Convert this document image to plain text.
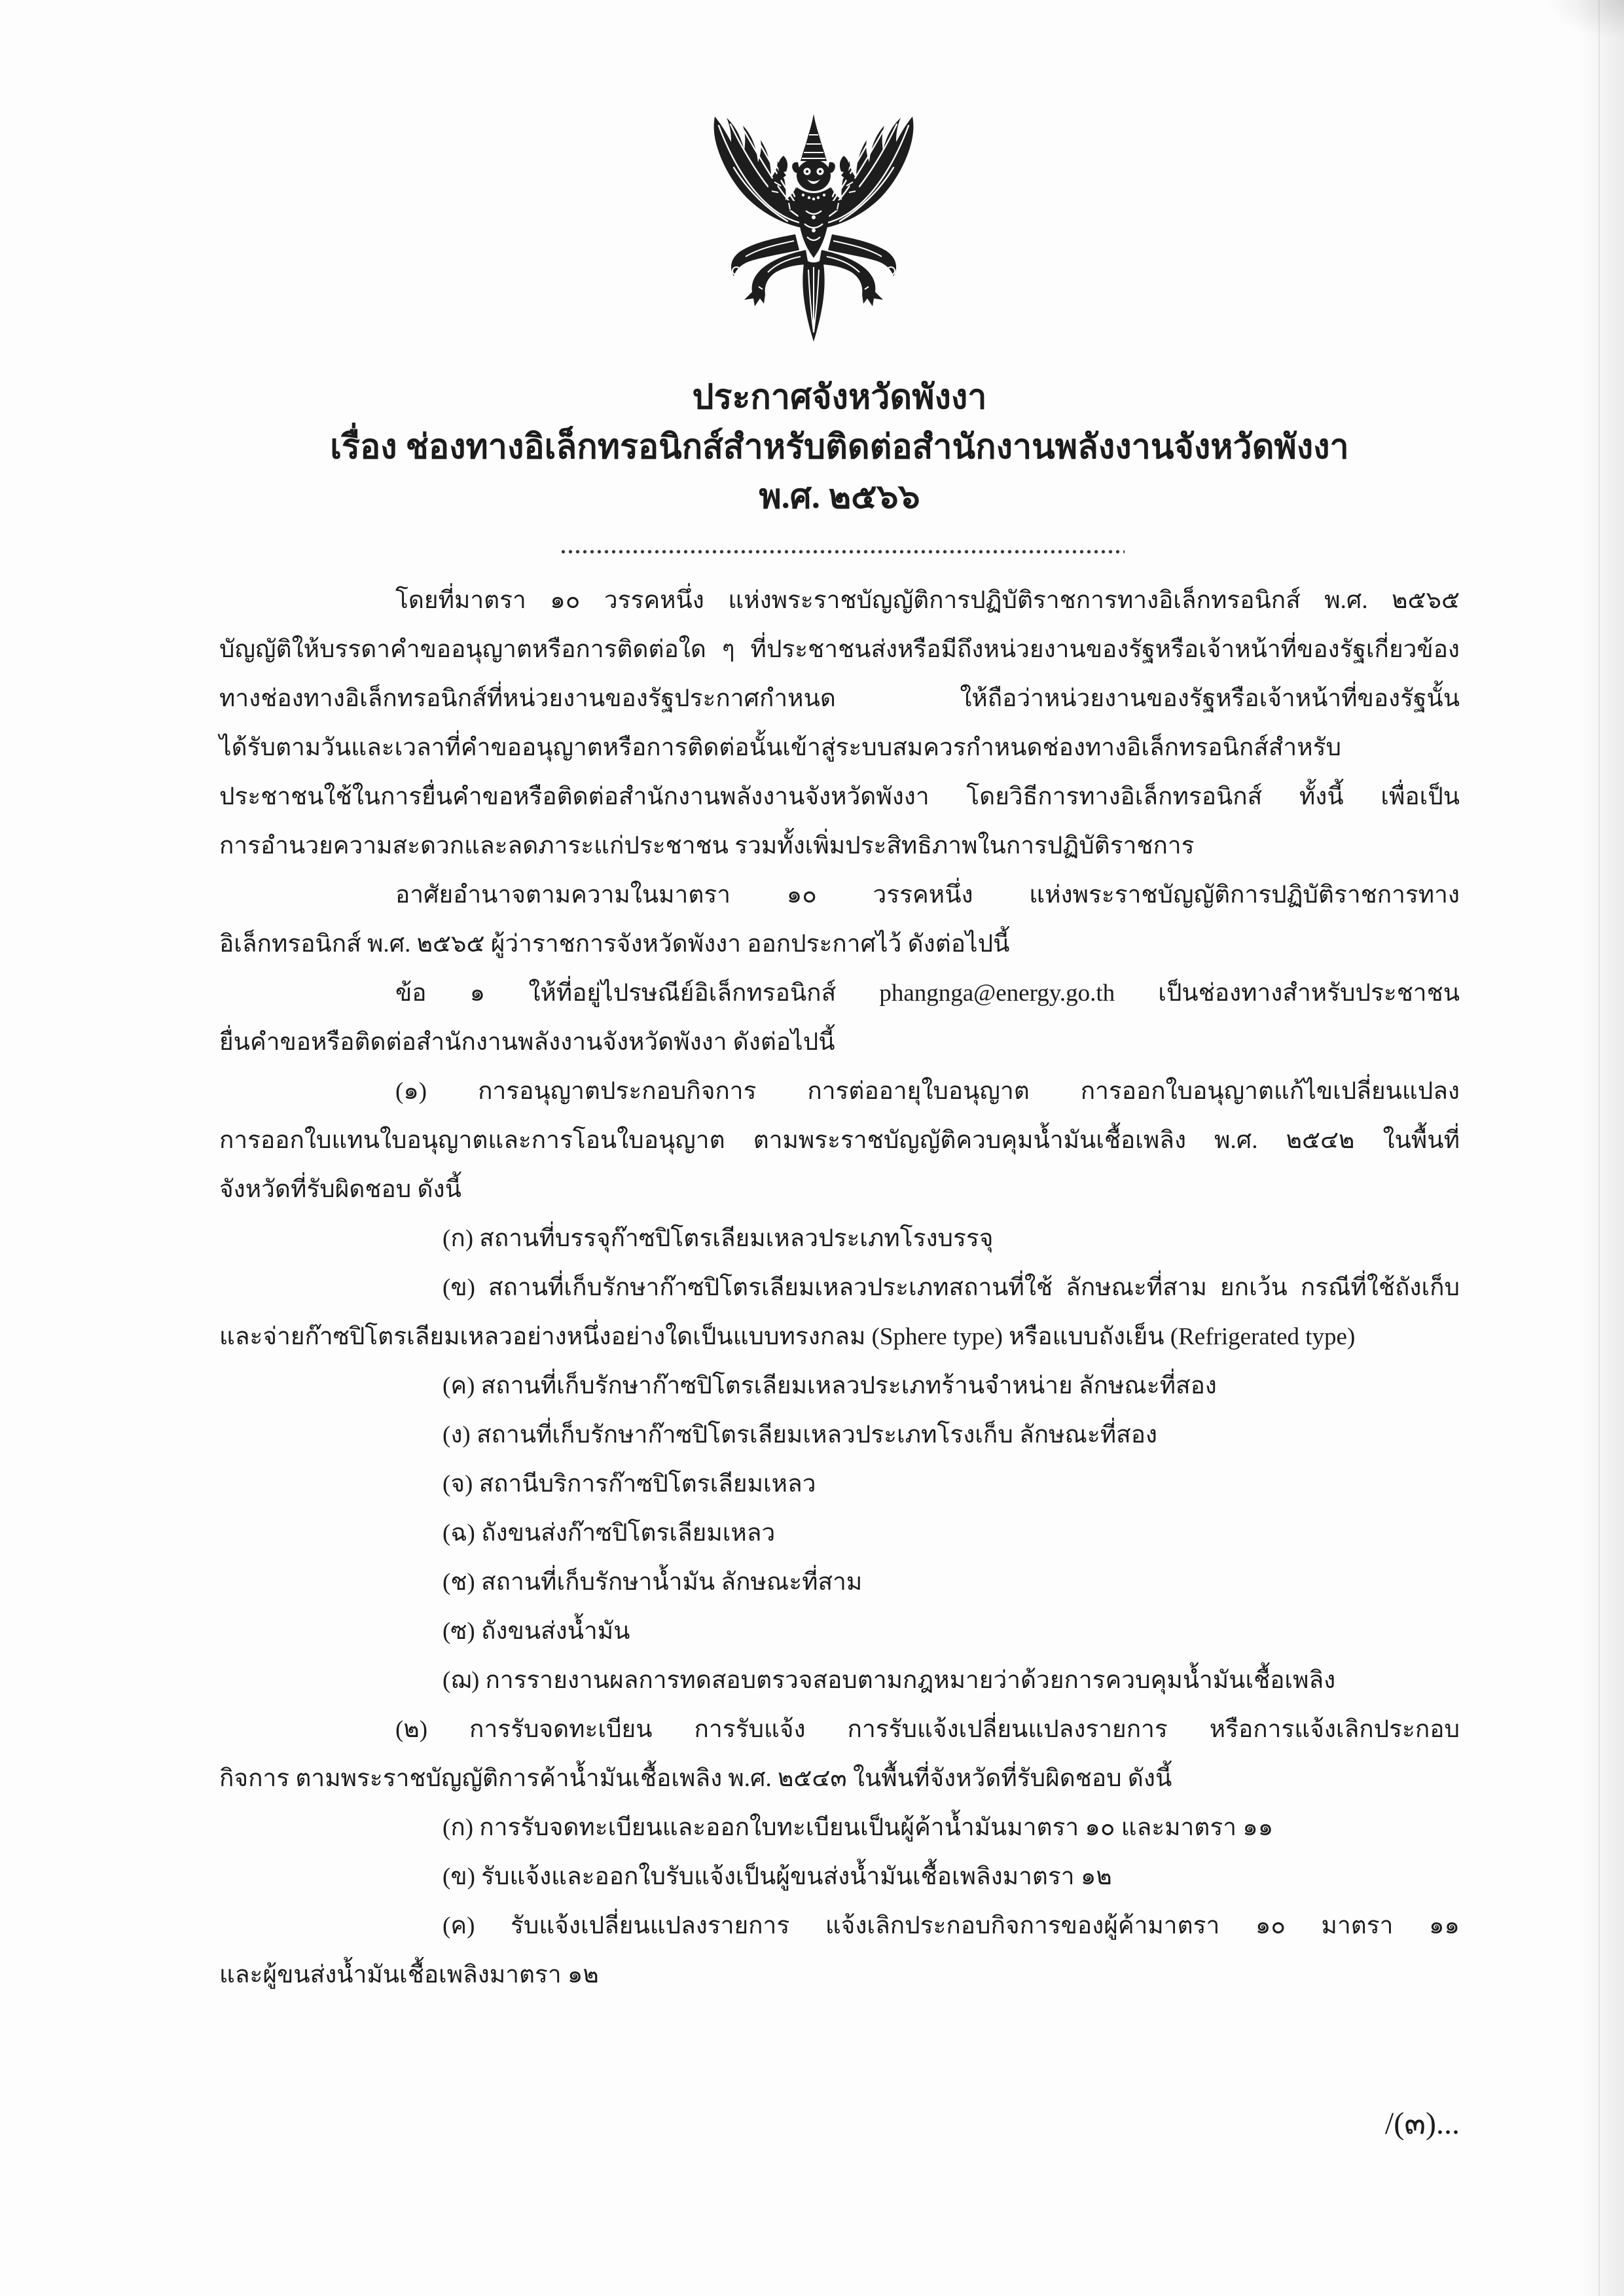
ประกาศจังหวัดพังงา
เรื่อง ช่องทางอิเล็กทรอนิกส์สำหรับติดต่อสำนักงานพลังงานจังหวัดพังงา
พ.ศ. ๒๕๖๖
โดยที่มาตรา ๑๐ วรรคหนึ่ง แห่งพระราชบัญญัติการปฏิบัติราชการทางอิเล็กทรอนิกส์ พ.ศ. ๒๕๖๕
บัญญัติให้บรรดาคำขออนุญาตหรือการติดต่อใด ๆ ที่ประชาชนส่งหรือมีถึงหน่วยงานของรัฐหรือเจ้าหน้าที่ของรัฐเกี่ยวข้อง
ทางช่องทางอิเล็กทรอนิกส์ที่หน่วยงานของรัฐประกาศกำหนด ให้ถือว่าหน่วยงานของรัฐหรือเจ้าหน้าที่ของรัฐนั้น
ได้รับตามวันและเวลาที่คำขออนุญาตหรือการติดต่อนั้นเข้าสู่ระบบสมควรกำหนดช่องทางอิเล็กทรอนิกส์สำหรับ
ประชาชนใช้ในการยื่นคำขอหรือติดต่อสำนักงานพลังงานจังหวัดพังงา โดยวิธีการทางอิเล็กทรอนิกส์ ทั้งนี้ เพื่อเป็น
การอำนวยความสะดวกและลดภาระแก่ประชาชน รวมทั้งเพิ่มประสิทธิภาพในการปฏิบัติราชการ
อาศัยอำนาจตามความในมาตรา ๑๐ วรรคหนึ่ง แห่งพระราชบัญญัติการปฏิบัติราชการทาง
อิเล็กทรอนิกส์ พ.ศ. ๒๕๖๕ ผู้ว่าราชการจังหวัดพังงา ออกประกาศไว้ ดังต่อไปนี้
ข้อ ๑ ให้ที่อยู่ไปรษณีย์อิเล็กทรอนิกส์ phangnga@energy.go.th เป็นช่องทางสำหรับประชาชน
ยื่นคำขอหรือติดต่อสำนักงานพลังงานจังหวัดพังงา ดังต่อไปนี้
(๑) การอนุญาตประกอบกิจการ การต่ออายุใบอนุญาต การออกใบอนุญาตแก้ไขเปลี่ยนแปลง
การออกใบแทนใบอนุญาตและการโอนใบอนุญาต ตามพระราชบัญญัติควบคุมน้ำมันเชื้อเพลิง พ.ศ. ๒๕๔๒ ในพื้นที่
จังหวัดที่รับผิดชอบ ดังนี้
(ก) สถานที่บรรจุก๊าซปิโตรเลียมเหลวประเภทโรงบรรจุ
(ข) สถานที่เก็บรักษาก๊าซปิโตรเลียมเหลวประเภทสถานที่ใช้ ลักษณะที่สาม ยกเว้น กรณีที่ใช้ถังเก็บ
และจ่ายก๊าซปิโตรเลียมเหลวอย่างหนึ่งอย่างใดเป็นแบบทรงกลม (Sphere type) หรือแบบถังเย็น (Refrigerated type)
(ค) สถานที่เก็บรักษาก๊าซปิโตรเลียมเหลวประเภทร้านจำหน่าย ลักษณะที่สอง
(ง) สถานที่เก็บรักษาก๊าซปิโตรเลียมเหลวประเภทโรงเก็บ ลักษณะที่สอง
(จ) สถานีบริการก๊าซปิโตรเลียมเหลว
(ฉ) ถังขนส่งก๊าซปิโตรเลียมเหลว
(ช) สถานที่เก็บรักษาน้ำมัน ลักษณะที่สาม
(ซ) ถังขนส่งน้ำมัน
(ฌ) การรายงานผลการทดสอบตรวจสอบตามกฎหมายว่าด้วยการควบคุมน้ำมันเชื้อเพลิง
(๒) การรับจดทะเบียน การรับแจ้ง การรับแจ้งเปลี่ยนแปลงรายการ หรือการแจ้งเลิกประกอบ
กิจการ ตามพระราชบัญญัติการค้าน้ำมันเชื้อเพลิง พ.ศ. ๒๕๔๓ ในพื้นที่จังหวัดที่รับผิดชอบ ดังนี้
(ก) การรับจดทะเบียนและออกใบทะเบียนเป็นผู้ค้าน้ำมันมาตรา ๑๐ และมาตรา ๑๑
(ข) รับแจ้งและออกใบรับแจ้งเป็นผู้ขนส่งน้ำมันเชื้อเพลิงมาตรา ๑๒
(ค) รับแจ้งเปลี่ยนแปลงรายการ แจ้งเลิกประกอบกิจการของผู้ค้ามาตรา ๑๐ มาตรา ๑๑
และผู้ขนส่งน้ำมันเชื้อเพลิงมาตรา ๑๒
/(๓)...
